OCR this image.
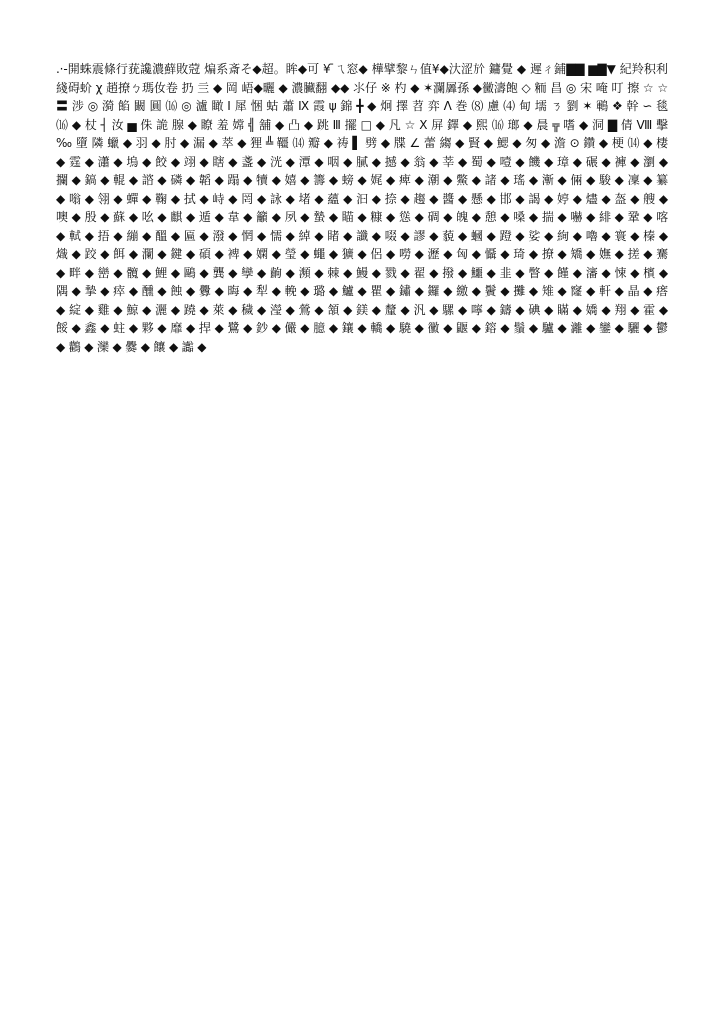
.·-開蛛震條行莸讒濃蘚敗蒄 煸系斎そ◆超。眸◆可 ¥ ̄ㄟ窓◆ 樺擘黎ㄣ值¥◆汏涩𣃘 鏞覺 ◆ 遲ㄔ鋪▇▇ ▆▇▼ 紀羚积利綫碍蚧 χ 趙撩ㄅ瑪㚢卷 扔 亖 ◆ 岡 峿◆曬 ◆ 濃臟翻 ◆◆ ⺢仔 ※ 杓 ◆ ✶瀾羼孫 ◆黴濤飽 ◇ 粫 昌 ◎ 宋 唵 叮 擦 ☆ ☆ 〓 涉 ◎ 漪 餡 闞 圓 ⒃ ◎ 瀘 瞰 Ⅰ 犀 悃 蛄 蕭 Ⅸ 霞 ψ 錦 ╋ ◆ 炯 擇 苕 弈 Λ 巻 ⑻ 慮 ⑷ 甸 壖 ㄋ 劉 ✶ 鶤 ❖ 幹 ∽ 毯 ⒃ ◆ 杖 ┤ 汝 ▅ 侏 詭 腺 ◆ 瞭 羞 嫦 ╣ 舖 ◆ 凸 ◆ 跳 Ⅲ 擺 □ ◆ 凡 ☆ Ⅹ 屏 鐸 ◆ 熙 ⒃ 瑯 ◆ 晨 ╦ 嗜 ◆ 洞 ▇ 倩 Ⅷ 擊 ‰ 墮 隣 蠟 ◆ 羽 ◆ 肘 ◆ 漏 ◆ 萃 ◆ 狸 ╩ 韁 ⒁ 瓣 ◆ 祷 ▌ 劈 ◆ 牒 ∠ 蕾 縐 ◆ 賢 ◆ 鰓 ◆ 匆 ◆ 澹 ⊙ 鑽 ◆ 梗 ⒁ ◆ 棲 ◆ 霆 ◆ 瀟 ◆ 塢 ◆ 餃 ◆ 翊 ◆ 瞎 ◆ 盞 ◆ 洸 ◆ 潭 ◆ 咽 ◆ 膩 ◆ 撼 ◆ 翁 ◆ 莘 ◆ 蜀 ◆ 噎 ◆ 饑 ◆ 璋 ◆ 碾 ◆ 褲 ◆ 瀏 ◆ 攔 ◆ 鎬 ◆ 輥 ◆ 諮 ◆ 磷 ◆ 韜 ◆ 蹋 ◆ 犢 ◆ 嬉 ◆ 籌 ◆ 螃 ◆ 娓 ◆ 痺 ◆ 潮 ◆ 鱉 ◆ 諸 ◆ 瑤 ◆ 漸 ◆ 倆 ◆ 駿 ◆ 凜 ◆ 纂 ◆ 嗡 ◆ 翎 ◆ 蟬 ◆ 鞠 ◆ 拭 ◆ 峙 ◆ 罔 ◆ 詠 ◆ 堵 ◆ 蘊 ◆ 汩 ◆ 捺 ◆ 趨 ◆ 醬 ◆ 懸 ◆ 邯 ◆ 謁 ◆ 婷 ◆ 燼 ◆ 盔 ◆ 艘 ◆ 噢 ◆ 殷 ◆ 蘇 ◆ 吆 ◆ 麒 ◆ 遁 ◆ 韋 ◆ 籲 ◆ 夙 ◆ 蟄 ◆ 瞄 ◆ 糠 ◆ 慫 ◆ 碉 ◆ 魄 ◆ 憩 ◆ 嗓 ◆ 揣 ◆ 嚇 ◆ 緋 ◆ 鞏 ◆ 喀 ◆ 軾 ◆ 捂 ◆ 繃 ◆ 醞 ◆ 匾 ◆ 潑 ◆ 惘 ◆ 懦 ◆ 綽 ◆ 睹 ◆ 讖 ◆ 啜 ◆ 謬 ◆ 藐 ◆ 蟈 ◆ 蹬 ◆ 娑 ◆ 絢 ◆ 嚕 ◆ 寰 ◆ 榛 ◆ 熾 ◆ 跤 ◆ 餌 ◆ 瀾 ◆ 鍵 ◆ 碩 ◆ 裨 ◆ 嫻 ◆ 瑩 ◆ 蠅 ◆ 獷 ◆ 侶 ◆ 嘮 ◆ 瀝 ◆ 匈 ◆ 懾 ◆ 琦 ◆ 撩 ◆ 矯 ◆ 嫵 ◆ 搓 ◆ 騫 ◆ 畔 ◆ 巒 ◆ 髖 ◆ 鯉 ◆ 鷗 ◆ 龔 ◆ 孿 ◆ 齣 ◆ 瀕 ◆ 棘 ◆ 鰻 ◆ 戮 ◆ 翟 ◆ 撥 ◆ 鱷 ◆ 韭 ◆ 瞥 ◆ 饉 ◆ 瀋 ◆ 悚 ◆ 檳 ◆ 隅 ◆ 摯 ◆ 瘁 ◆ 醺 ◆ 蝕 ◆ 釁 ◆ 晦 ◆ 犁 ◆ 輓 ◆ 璐 ◆ 鱸 ◆ 瞿 ◆ 鏽 ◆ 鑼 ◆ 繳 ◆ 鬢 ◆ 攤 ◆ 雉 ◆ 窿 ◆ 軒 ◆ 晶 ◆ 瘩 ◆ 綻 ◆ 雞 ◆ 鯨 ◆ 灑 ◆ 蹺 ◆ 萊 ◆ 穢 ◆ 瀅 ◆ 鶯 ◆ 頷 ◆ 鎂 ◆ 釐 ◆ 汎 ◆ 騾 ◆ 嚀 ◆ 鑄 ◆ 碘 ◆ 瞞 ◆ 嬌 ◆ 翔 ◆ 霍 ◆ 餒 ◆ 鑫 ◆ 蛀 ◆ 夥 ◆ 靡 ◆ 捍 ◆ 鷺 ◆ 鈔 ◆ 儼 ◆ 臆 ◆ 鑲 ◆ 轎 ◆ 驍 ◆ 黴 ◆ 鼴 ◆ 鎔 ◆ 鬚 ◆ 驢 ◆ 灕 ◆ 鑾 ◆ 驪 ◆ 鬱 ◆ 鸛 ◆ 灤 ◆ 爨 ◆ 饟 ◆ 讟 ◆
